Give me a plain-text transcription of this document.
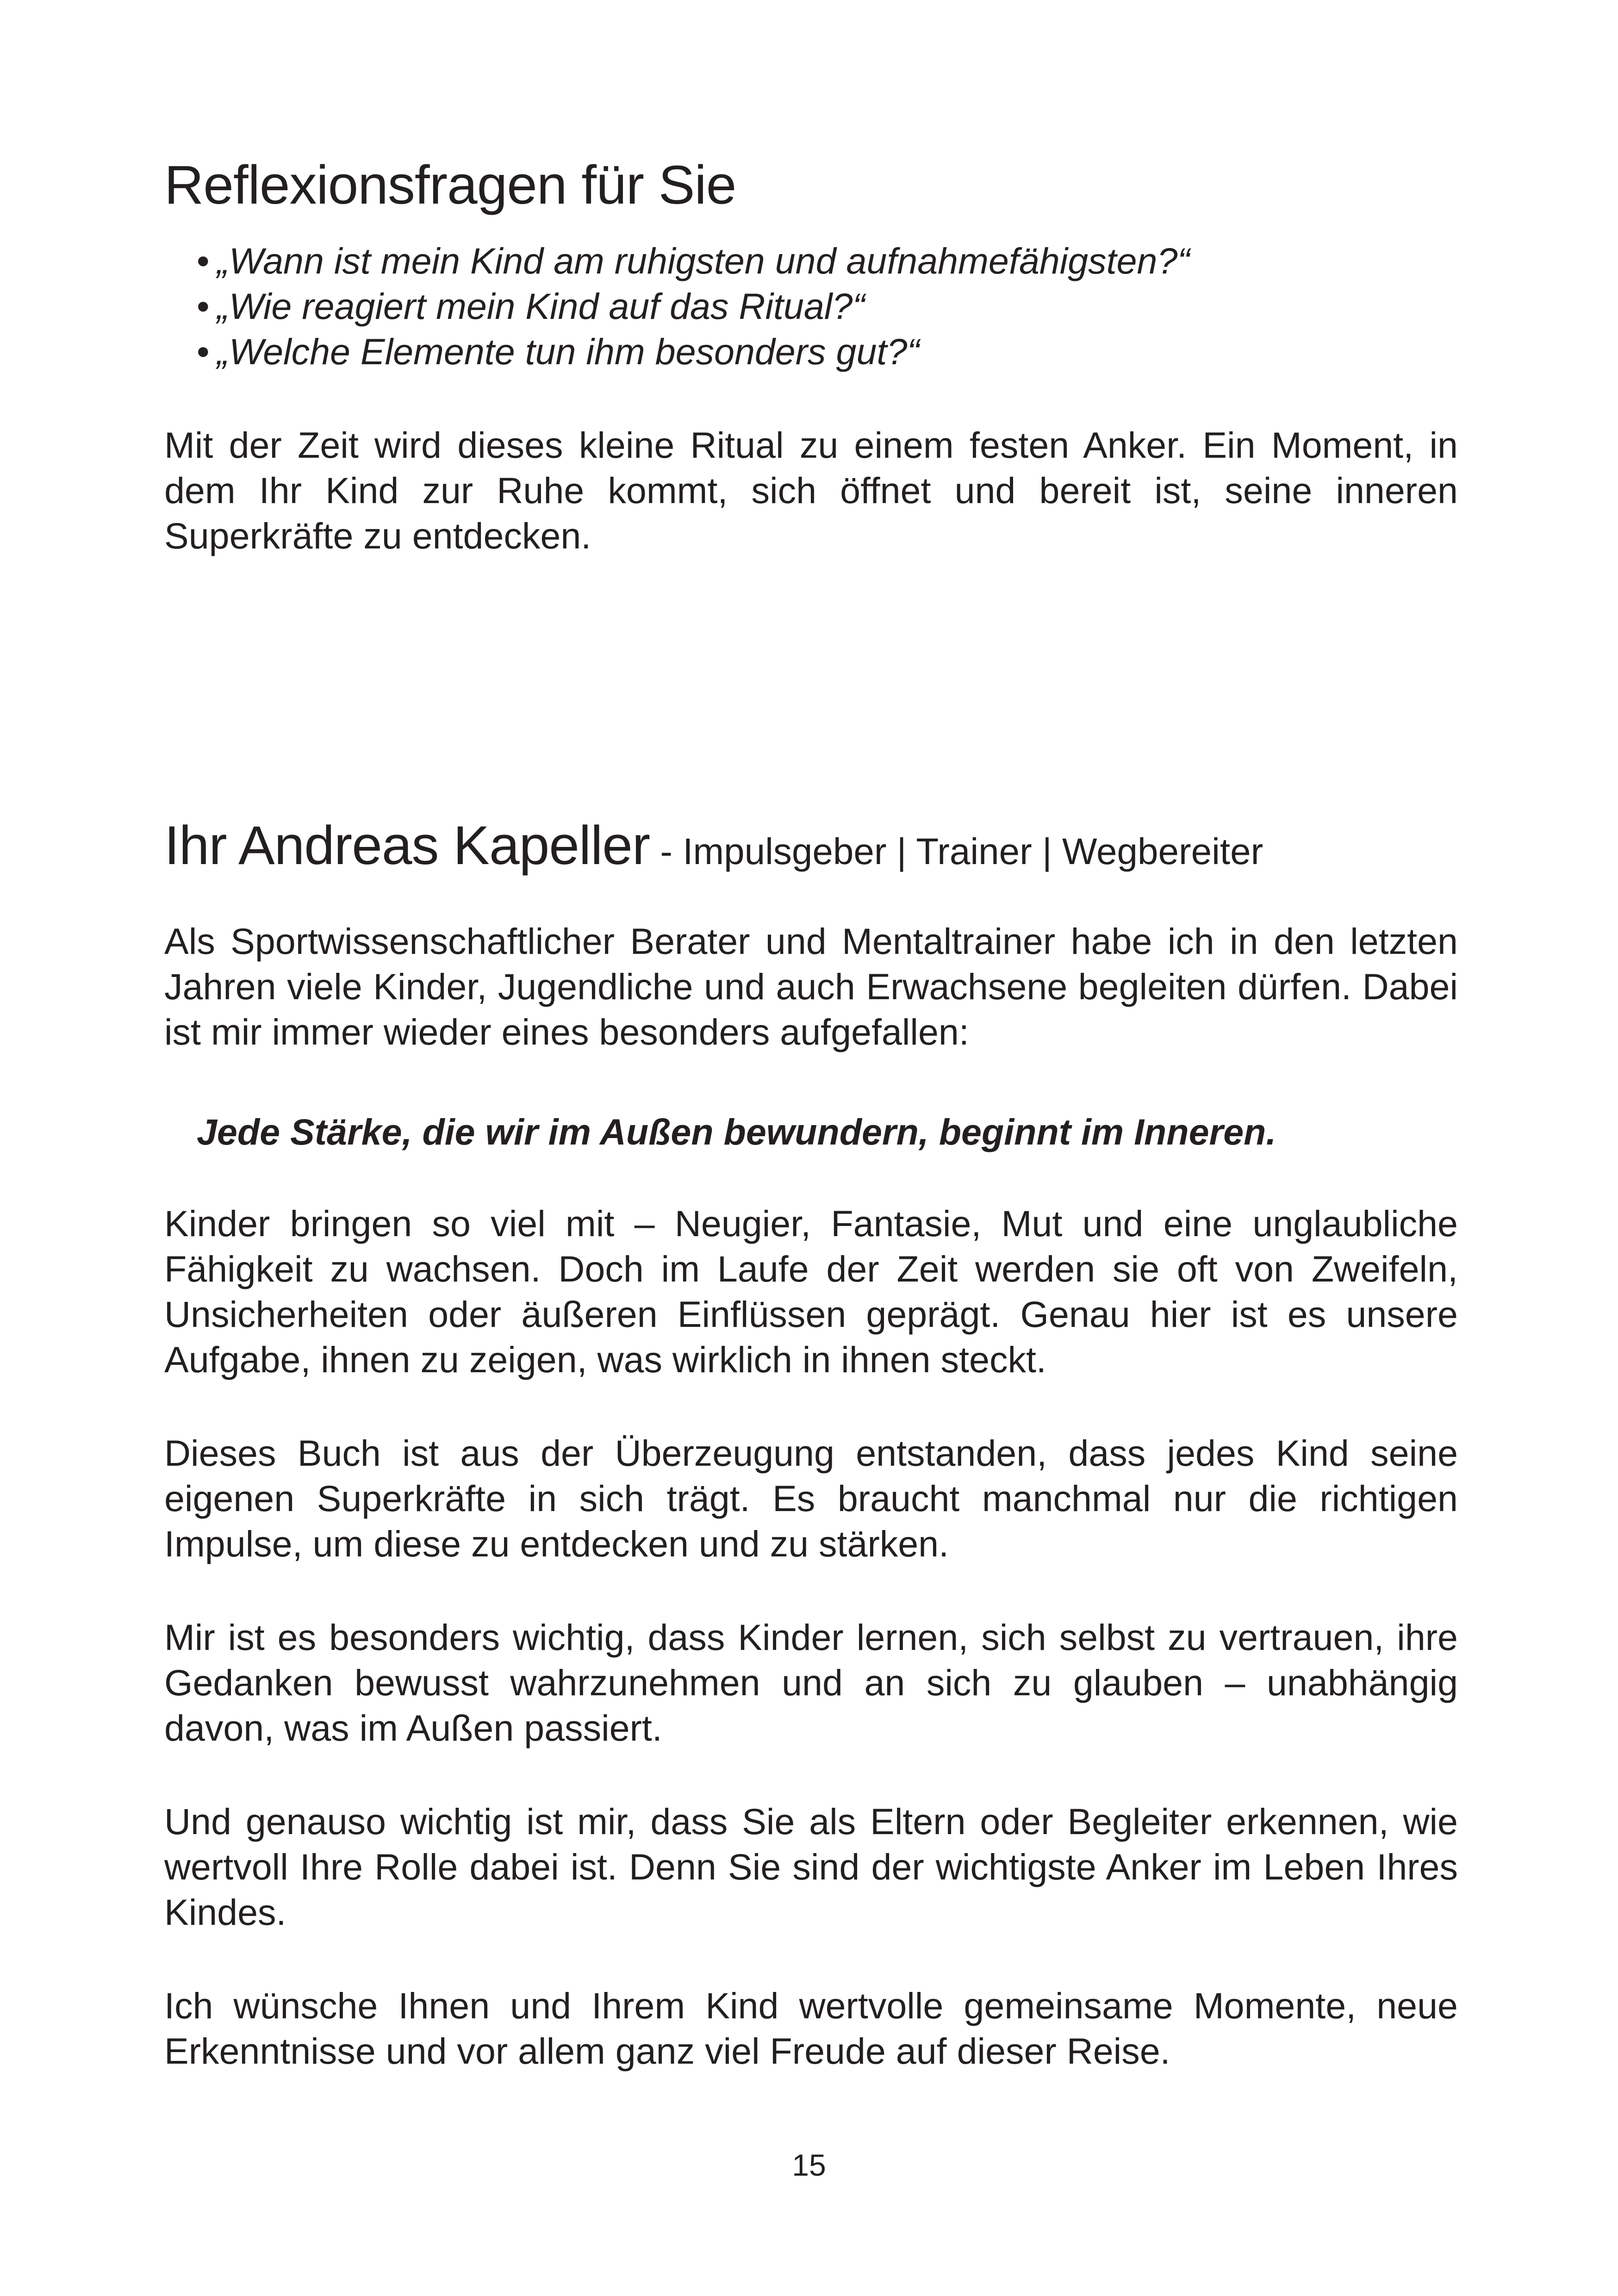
Reflexionsfragen für Sie
• „Wann ist mein Kind am ruhigsten und aufnahmefähigsten?“
• „Wie reagiert mein Kind auf das Ritual?“
• „Welche Elemente tun ihm besonders gut?“

Mit der Zeit wird dieses kleine Ritual zu einem festen Anker. Ein Moment, in dem Ihr Kind zur Ruhe kommt, sich öffnet und bereit ist, seine inneren Superkräfte zu entdecken.

Ihr Andreas Kapeller - Impulsgeber | Trainer | Wegbereiter

Als Sportwissenschaftlicher Berater und Mentaltrainer habe ich in den letzten Jahren viele Kinder, Jugendliche und auch Erwachsene begleiten dürfen. Dabei ist mir immer wieder eines besonders aufgefallen:

Jede Stärke, die wir im Außen bewundern, beginnt im Inneren.

Kinder bringen so viel mit – Neugier, Fantasie, Mut und eine unglaubliche Fähigkeit zu wachsen. Doch im Laufe der Zeit werden sie oft von Zweifeln, Unsicherheiten oder äußeren Einflüssen geprägt. Genau hier ist es unsere Aufgabe, ihnen zu zeigen, was wirklich in ihnen steckt.

Dieses Buch ist aus der Überzeugung entstanden, dass jedes Kind seine eigenen Superkräfte in sich trägt. Es braucht manchmal nur die richtigen Impulse, um diese zu entdecken und zu stärken.

Mir ist es besonders wichtig, dass Kinder lernen, sich selbst zu vertrauen, ihre Gedanken bewusst wahrzunehmen und an sich zu glauben – unabhängig davon, was im Außen passiert.

Und genauso wichtig ist mir, dass Sie als Eltern oder Begleiter erkennen, wie wertvoll Ihre Rolle dabei ist. Denn Sie sind der wichtigste Anker im Leben Ihres Kindes.

Ich wünsche Ihnen und Ihrem Kind wertvolle gemeinsame Momente, neue Erkenntnisse und vor allem ganz viel Freude auf dieser Reise.

15
